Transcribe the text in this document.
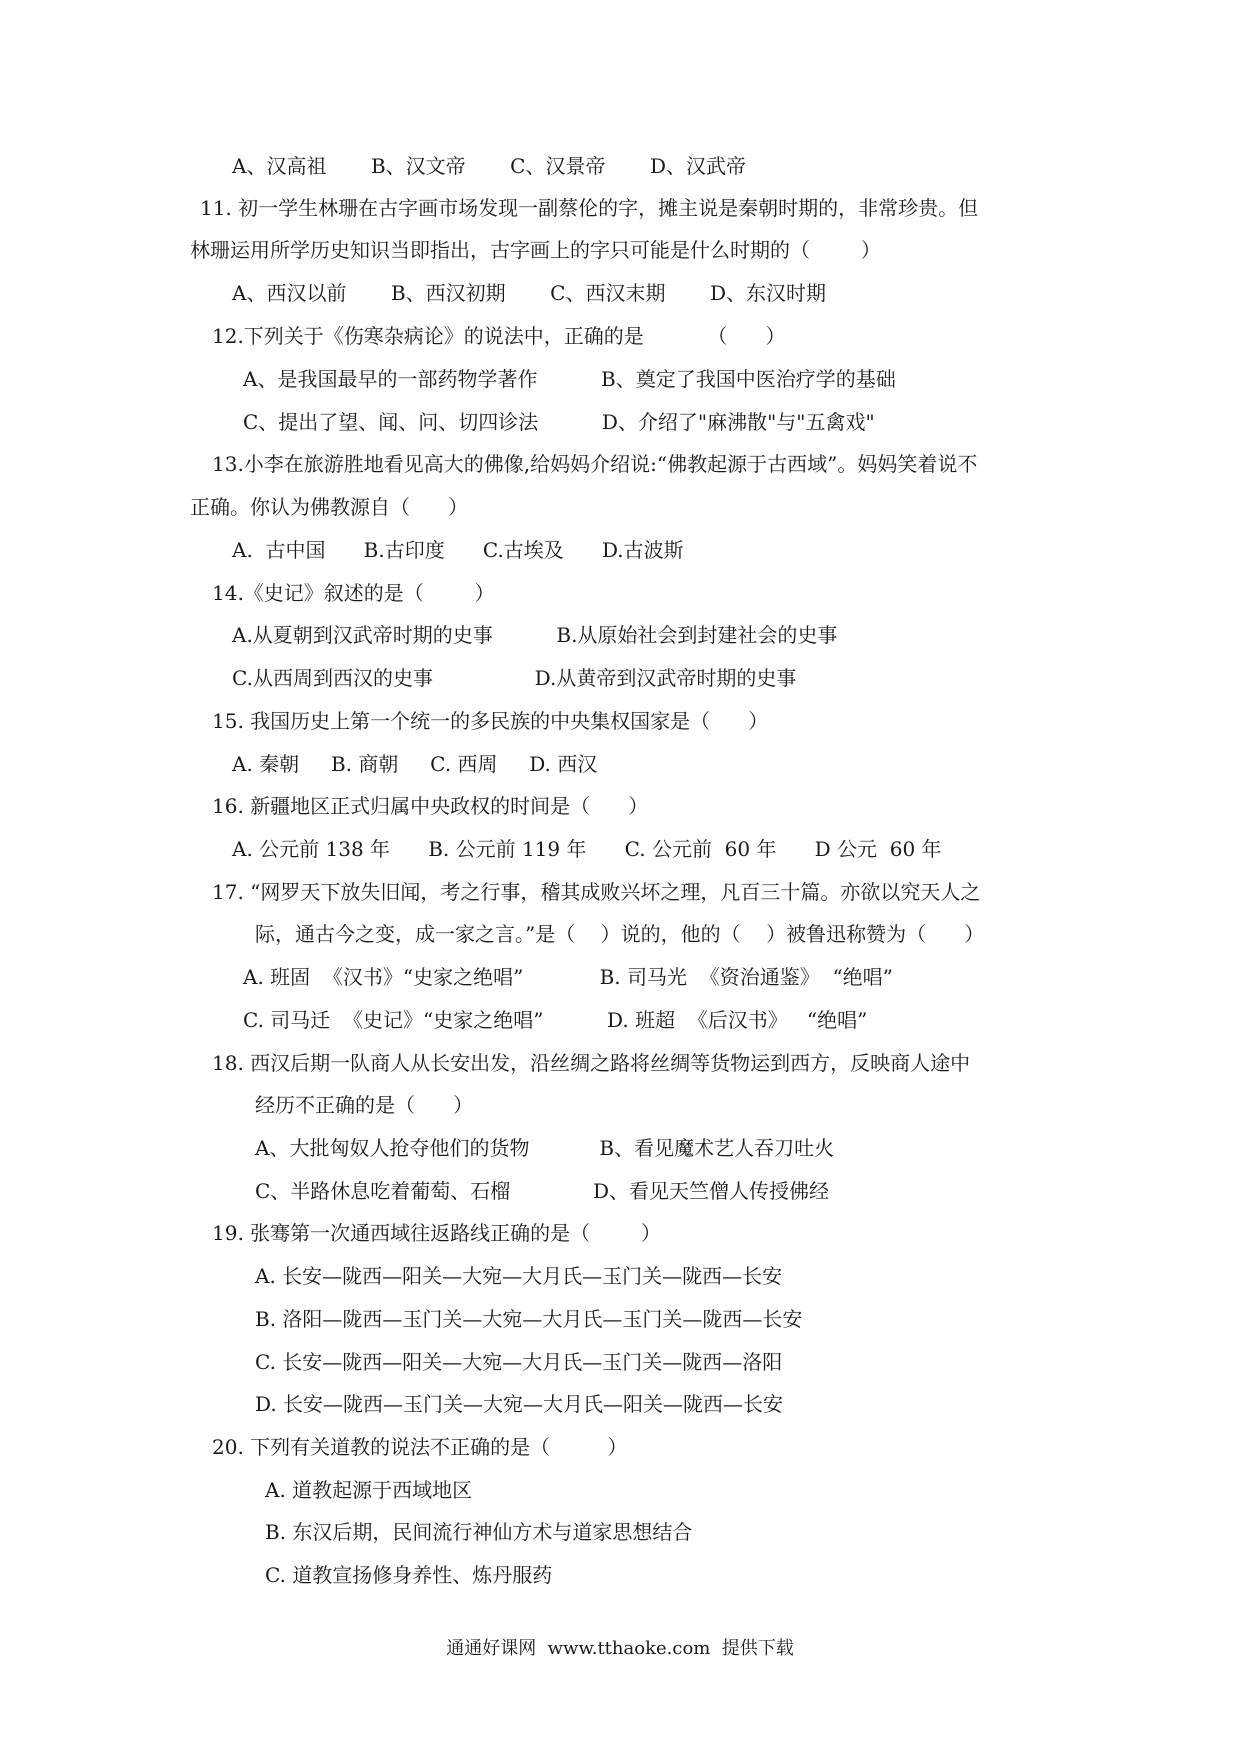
A、汉高祖       B、汉文帝       C、汉景帝       D、汉武帝
11. 初一学生林珊在古字画市场发现一副蔡伦的字，摊主说是秦朝时期的，非常珍贵。但
林珊运用所学历史知识当即指出，古字画上的字只可能是什么时期的（        ）
A、西汉以前       B、西汉初期       C、西汉末期       D、东汉时期
12.下列关于《伤寒杂病论》的说法中，正确的是          （      ）
A、是我国最早的一部药物学著作          B、奠定了我国中医治疗学的基础
C、提出了望、闻、问、切四诊法          D、介绍了"麻沸散"与"五禽戏"
13.小李在旅游胜地看见高大的佛像,给妈妈介绍说:“佛教起源于古西域”。妈妈笑着说不
正确。你认为佛教源自（      ）
A.  古中国      B.古印度      C.古埃及      D.古波斯
14.《史记》叙述的是（        ）
A.从夏朝到汉武帝时期的史事          B.从原始社会到封建社会的史事
C.从西周到西汉的史事                D.从黄帝到汉武帝时期的史事
15. 我国历史上第一个统一的多民族的中央集权国家是（      ）
A. 秦朝     B. 商朝     C. 西周     D. 西汉
16. 新疆地区正式归属中央政权的时间是（      ）
A. 公元前 138 年      B. 公元前 119 年      C. 公元前  60 年      D 公元  60 年
17. “网罗天下放失旧闻，考之行事，稽其成败兴坏之理，凡百三十篇。亦欲以究天人之
际，通古今之变，成一家之言。”是（    ）说的，他的（    ）被鲁迅称赞为（      ）
A. 班固  《汉书》“史家之绝唱”            B. 司马光  《资治通鉴》  “绝唱”
C. 司马迁  《史记》“史家之绝唱”          D. 班超  《后汉书》   “绝唱”
18. 西汉后期一队商人从长安出发，沿丝绸之路将丝绸等货物运到西方，反映商人途中
经历不正确的是（      ）
A、大批匈奴人抢夺他们的货物           B、看见魔术艺人吞刀吐火
C、半路休息吃着葡萄、石榴             D、看见天竺僧人传授佛经
19. 张骞第一次通西域往返路线正确的是（        ）
A. 长安—陇西—阳关—大宛—大月氏—玉门关—陇西—长安
B. 洛阳—陇西—玉门关—大宛—大月氏—玉门关—陇西—长安
C. 长安—陇西—阳关—大宛—大月氏—玉门关—陇西—洛阳
D. 长安—陇西—玉门关—大宛—大月氏—阳关—陇西—长安
20. 下列有关道教的说法不正确的是（         ）
A. 道教起源于西域地区
B. 东汉后期，民间流行神仙方术与道家思想结合
C. 道教宣扬修身养性、炼丹服药
通通好课网  www.tthaoke.com  提供下载
